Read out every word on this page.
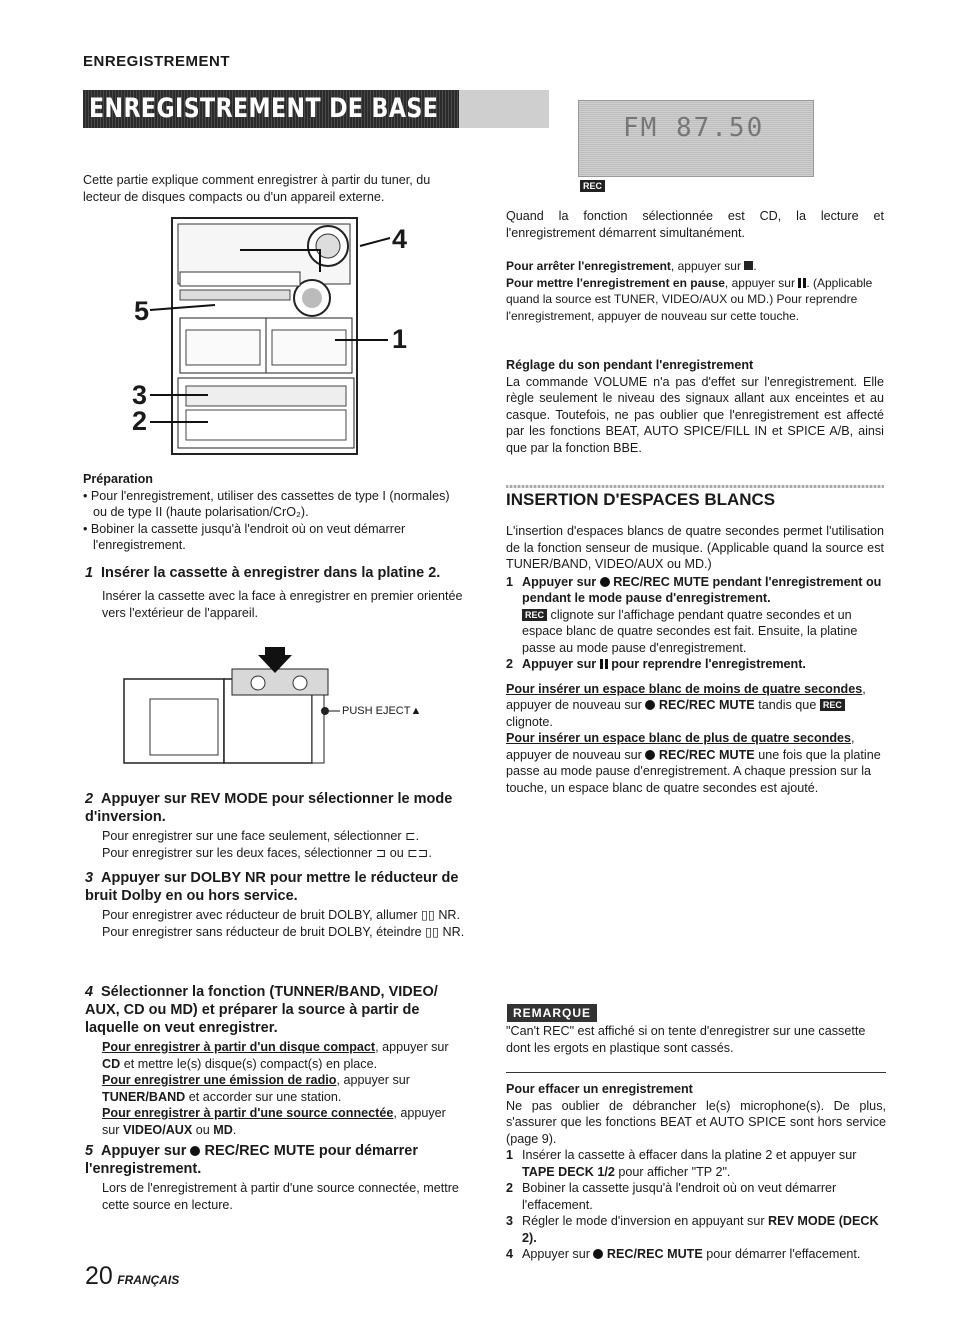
ENREGISTREMENT
ENREGISTREMENT DE BASE

Cette partie explique comment enregistrer à partir du tuner, du lecteur de disques compacts ou d'un appareil externe.

4
5
1
3
2

Préparation

• Pour l'enregistrement, utiliser des cassettes de type I (normales) ou de type II (haute polarisation/CrO₂).
• Bobiner la cassette jusqu'à l'endroit où on veut démarrer l'enregistrement.

1 Insérer la cassette à enregistrer dans la platine 2.

Insérer la cassette avec la face à enregistrer en premier orientée vers l'extérieur de l'appareil.

PUSH EJECT▲

2 Appuyer sur REV MODE pour sélectionner le mode d'inversion.

Pour enregistrer sur une face seulement, sélectionner ⊏.

Pour enregistrer sur les deux faces, sélectionner ⊐ ou ⊏⊐.

3 Appuyer sur DOLBY NR pour mettre le réducteur de bruit Dolby en ou hors service.

Pour enregistrer avec réducteur de bruit DOLBY, allumer ▯▯ NR.

Pour enregistrer sans réducteur de bruit DOLBY, éteindre ▯▯ NR.

4 Sélectionner la fonction (TUNNER/BAND, VIDEO/ AUX, CD ou MD) et préparer la source à partir de laquelle on veut enregistrer.

Pour enregistrer à partir d'un disque compact, appuyer sur CD et mettre le(s) disque(s) compact(s) en place.

Pour enregistrer une émission de radio, appuyer sur TUNER/BAND et accorder sur une station.

Pour enregistrer à partir d'une source connectée, appuyer sur VIDEO/AUX ou MD.

5 Appuyer sur REC/REC MUTE pour démarrer l'enregistrement.

Lors de l'enregistrement à partir d'une source connectée, mettre cette source en lecture.

20 FRANÇAIS
FM 87.50
REC

Quand la fonction sélectionnée est CD, la lecture et l'enregistrement démarrent simultanément.

Pour arrêter l'enregistrement, appuyer sur .

Pour mettre l'enregistrement en pause, appuyer sur . (Applicable quand la source est TUNER, VIDEO/AUX ou MD.) Pour reprendre l'enregistrement, appuyer de nouveau sur cette touche.

Réglage du son pendant l'enregistrement

La commande VOLUME n'a pas d'effet sur l'enregistrement. Elle règle seulement le niveau des signaux allant aux enceintes et au casque. Toutefois, ne pas oublier que l'enregistrement est affecté par les fonctions BEAT, AUTO SPICE/FILL IN et SPICE A/B, ainsi que par la fonction BBE.

INSERTION D'ESPACES BLANCS

L'insertion d'espaces blancs de quatre secondes permet l'utilisation de la fonction senseur de musique. (Applicable quand la source est TUNER/BAND, VIDEO/AUX ou MD.)

1 Appuyer sur REC/REC MUTE pendant l'enregistrement ou pendant le mode pause d'enregistrement.
REC clignote sur l'affichage pendant quatre secondes et un espace blanc de quatre secondes est fait. Ensuite, la platine passe au mode pause d'enregistrement.
2 Appuyer sur pour reprendre l'enregistrement.

Pour insérer un espace blanc de moins de quatre secondes, appuyer de nouveau sur REC/REC MUTE tandis que REC clignote.

Pour insérer un espace blanc de plus de quatre secondes, appuyer de nouveau sur REC/REC MUTE une fois que la platine passe au mode pause d'enregistrement. A chaque pression sur la touche, un espace blanc de quatre secondes est ajouté.

REMARQUE

"Can't REC" est affiché si on tente d'enregistrer sur une cassette dont les ergots en plastique sont cassés.

Pour effacer un enregistrement

Ne pas oublier de débrancher le(s) microphone(s). De plus, s'assurer que les fonctions BEAT et AUTO SPICE sont hors service (page 9).

1 Insérer la cassette à effacer dans la platine 2 et appuyer sur TAPE DECK 1/2 pour afficher "TP 2".
2 Bobiner la cassette jusqu'à l'endroit où on veut démarrer l'effacement.
3 Régler le mode d'inversion en appuyant sur REV MODE (DECK 2).
4 Appuyer sur REC/REC MUTE pour démarrer l'effacement.
